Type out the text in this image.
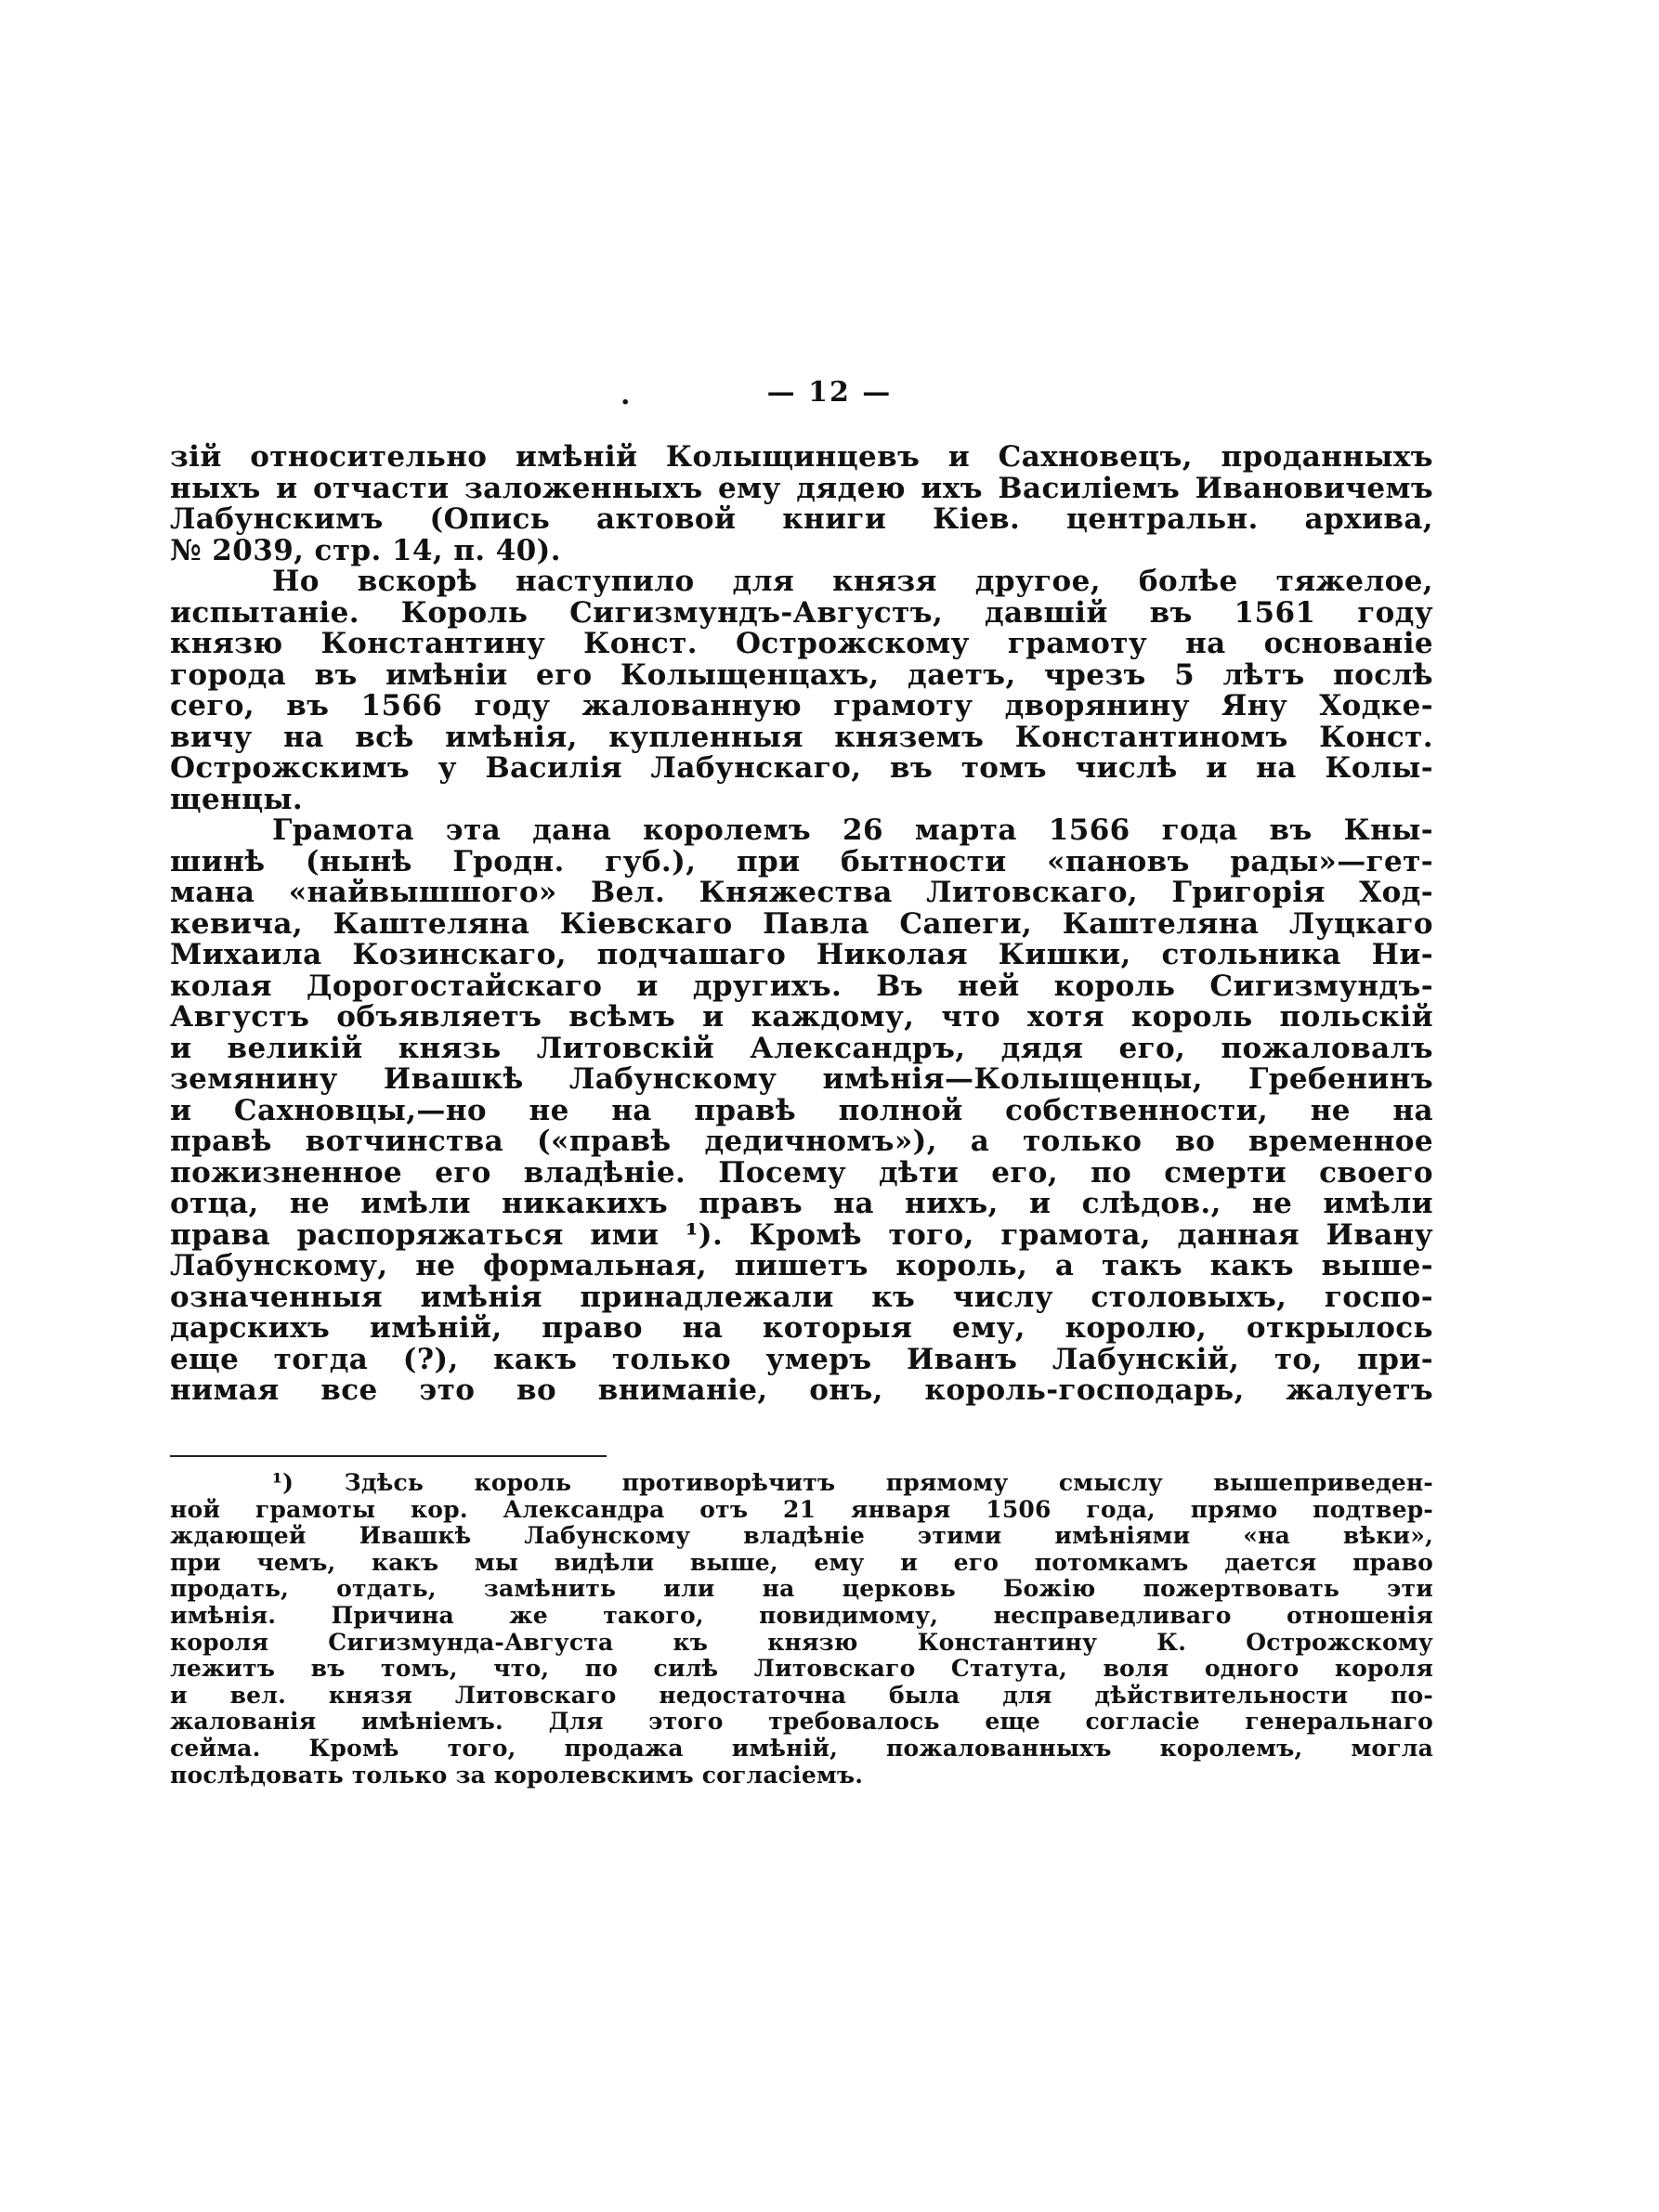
.	— 12 —
зій относительно имѣній Колыщинцевъ и Сахновецъ, проданныхъ
ныхъ и отчасти заложенныхъ ему дядею ихъ Василіемъ Ивановичемъ
Лабунскимъ (Опись актовой книги Кіев. центральн. архива,
№ 2039, стр. 14, п. 40).
Но вскорѣ наступило для князя другое, болѣе тяжелое,
испытаніе. Король Сигизмундъ-Августъ, давшій въ 1561 году
князю Константину Конст. Острожскому грамоту на основаніе
города въ имѣніи его Колыщенцахъ, даетъ, чрезъ 5 лѣтъ послѣ
сего, въ 1566 году жалованную грамоту дворянину Яну Ходке-
вичу на всѣ имѣнія, купленныя княземъ Константиномъ Конст.
Острожскимъ у Василія Лабунскаго, въ томъ числѣ и на Колы-
щенцы.
Грамота эта дана королемъ 26 марта 1566 года въ Кны-
шинѣ (нынѣ Гродн. губ.), при бытности «пановъ рады»—гет-
мана «найвышшого» Вел. Княжества Литовскаго, Григорія Ход-
кевича, Каштеляна Кіевскаго Павла Сапеги, Каштеляна Луцкаго
Михаила Козинскаго, подчашаго Николая Кишки, стольника Ни-
колая Дорогостайскаго и другихъ. Въ ней король Сигизмундъ-
Августъ объявляетъ всѣмъ и каждому, что хотя король польскій
и великій князь Литовскій Александръ, дядя его, пожаловалъ
земянину Ивашкѣ Лабунскому имѣнія—Колыщенцы, Гребенинъ
и Сахновцы,—но не на правѣ полной собственности, не на
правѣ вотчинства («правѣ дедичномъ»), а только во временное
пожизненное его владѣніе. Посему дѣти его, по смерти своего
отца, не имѣли никакихъ правъ на нихъ, и слѣдов., не имѣли
права распоряжаться ими ¹). Кромѣ того, грамота, данная Ивану
Лабунскому, не формальная, пишетъ король, а такъ какъ выше-
означенныя имѣнія принадлежали къ числу столовыхъ, госпо-
дарскихъ имѣній, право на которыя ему, королю, открылось
еще тогда (?), какъ только умеръ Иванъ Лабунскій, то, при-
нимая все это во вниманіе, онъ, король-господарь, жалуетъ
¹) Здѣсь король противорѣчитъ прямому смыслу вышеприведен-
ной грамоты кор. Александра отъ 21 января 1506 года, прямо подтвер-
ждающей Ивашкѣ Лабунскому владѣніе этими имѣніями «на вѣки»,
при чемъ, какъ мы видѣли выше, ему и его потомкамъ дается право
продать, отдать, замѣнить или на церковь Божію пожертвовать эти
имѣнія. Причина же такого, повидимому, несправедливаго отношенія
короля Сигизмунда-Августа къ князю Константину К. Острожскому
лежитъ въ томъ, что, по силѣ Литовскаго Статута, воля одного короля
и вел. князя Литовскаго недостаточна была для дѣйствительности по-
жалованія имѣніемъ. Для этого требовалось еще согласіе генеральнаго
сейма. Кромѣ того, продажа имѣній, пожалованныхъ королемъ, могла
послѣдовать только за королевскимъ согласіемъ.
